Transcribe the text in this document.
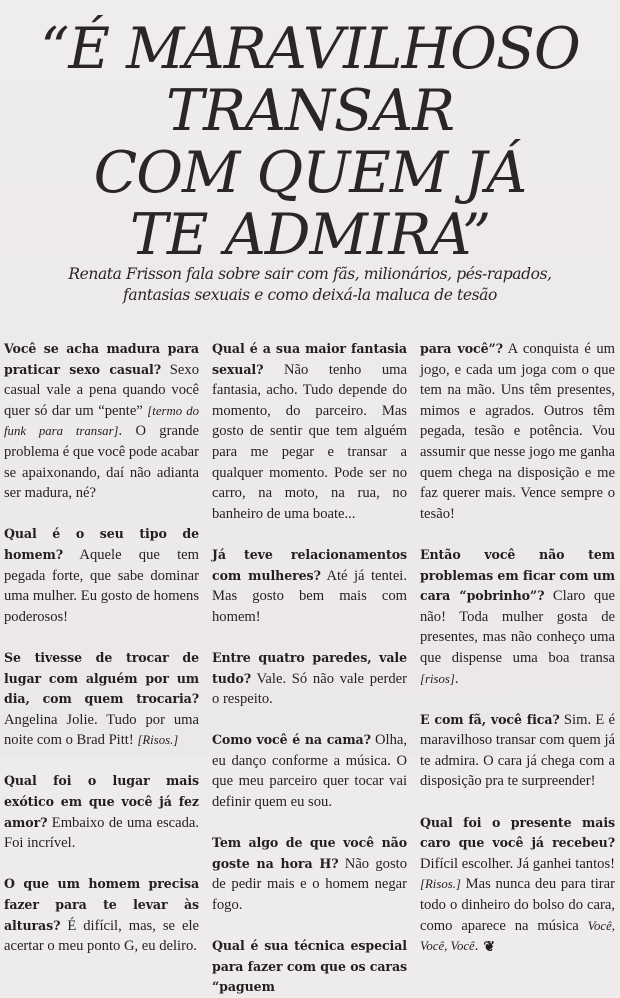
“É MARAVILHOSO
TRANSAR
COM QUEM JÁ
TE ADMIRA”

Renata Frisson fala sobre sair com fãs, milionários, pés-rapados,
fantasias sexuais e como deixá-la maluca de tesão

Você se acha madura para praticar sexo casual? Sexo casual vale a pena quando você quer só dar um “pente” [termo do funk para transar]. O grande problema é que você pode acabar se apaixonando, daí não adianta ser madura, né?

Qual é o seu tipo de homem? Aquele que tem pegada forte, que sabe dominar uma mulher. Eu gosto de homens poderosos!

Se tivesse de trocar de lugar com alguém por um dia, com quem trocaria? Angelina Jolie. Tudo por uma noite com o Brad Pitt! [Risos.]

Qual foi o lugar mais exótico em que você já fez amor? Embaixo de uma escada. Foi incrível.

O que um homem precisa fazer para te levar às alturas? É difícil, mas, se ele acertar o meu ponto G, eu deliro.

Qual é a sua maior fantasia sexual? Não tenho uma fantasia, acho. Tudo depende do momento, do parceiro. Mas gosto de sentir que tem alguém para me pegar e transar a qualquer momento. Pode ser no carro, na moto, na rua, no banheiro de uma boate...

Já teve relacionamentos com mulheres? Até já tentei. Mas gosto bem mais com homem!

Entre quatro paredes, vale tudo? Vale. Só não vale perder o respeito.

Como você é na cama? Olha, eu danço conforme a música. O que meu parceiro quer tocar vai definir quem eu sou.

Tem algo de que você não goste na hora H? Não gosto de pedir mais e o homem negar fogo.

Qual é sua técnica especial para fazer com que os caras “paguem

para você”? A conquista é um jogo, e cada um joga com o que tem na mão. Uns têm presentes, mimos e agrados. Outros têm pegada, tesão e potência. Vou assumir que nesse jogo me ganha quem chega na disposição e me faz querer mais. Vence sempre o tesão!

Então você não tem problemas em ficar com um cara “pobrinho”? Claro que não! Toda mulher gosta de presentes, mas não conheço uma que dispense uma boa transa [risos].

E com fã, você fica? Sim. E é maravilhoso transar com quem já te admira. O cara já chega com a disposição pra te surpreender!

Qual foi o presente mais caro que você já recebeu? Difícil escolher. Já ganhei tantos! [Risos.] Mas nunca deu para tirar todo o dinheiro do bolso do cara, como aparece na música Você, Você, Você. ❦
